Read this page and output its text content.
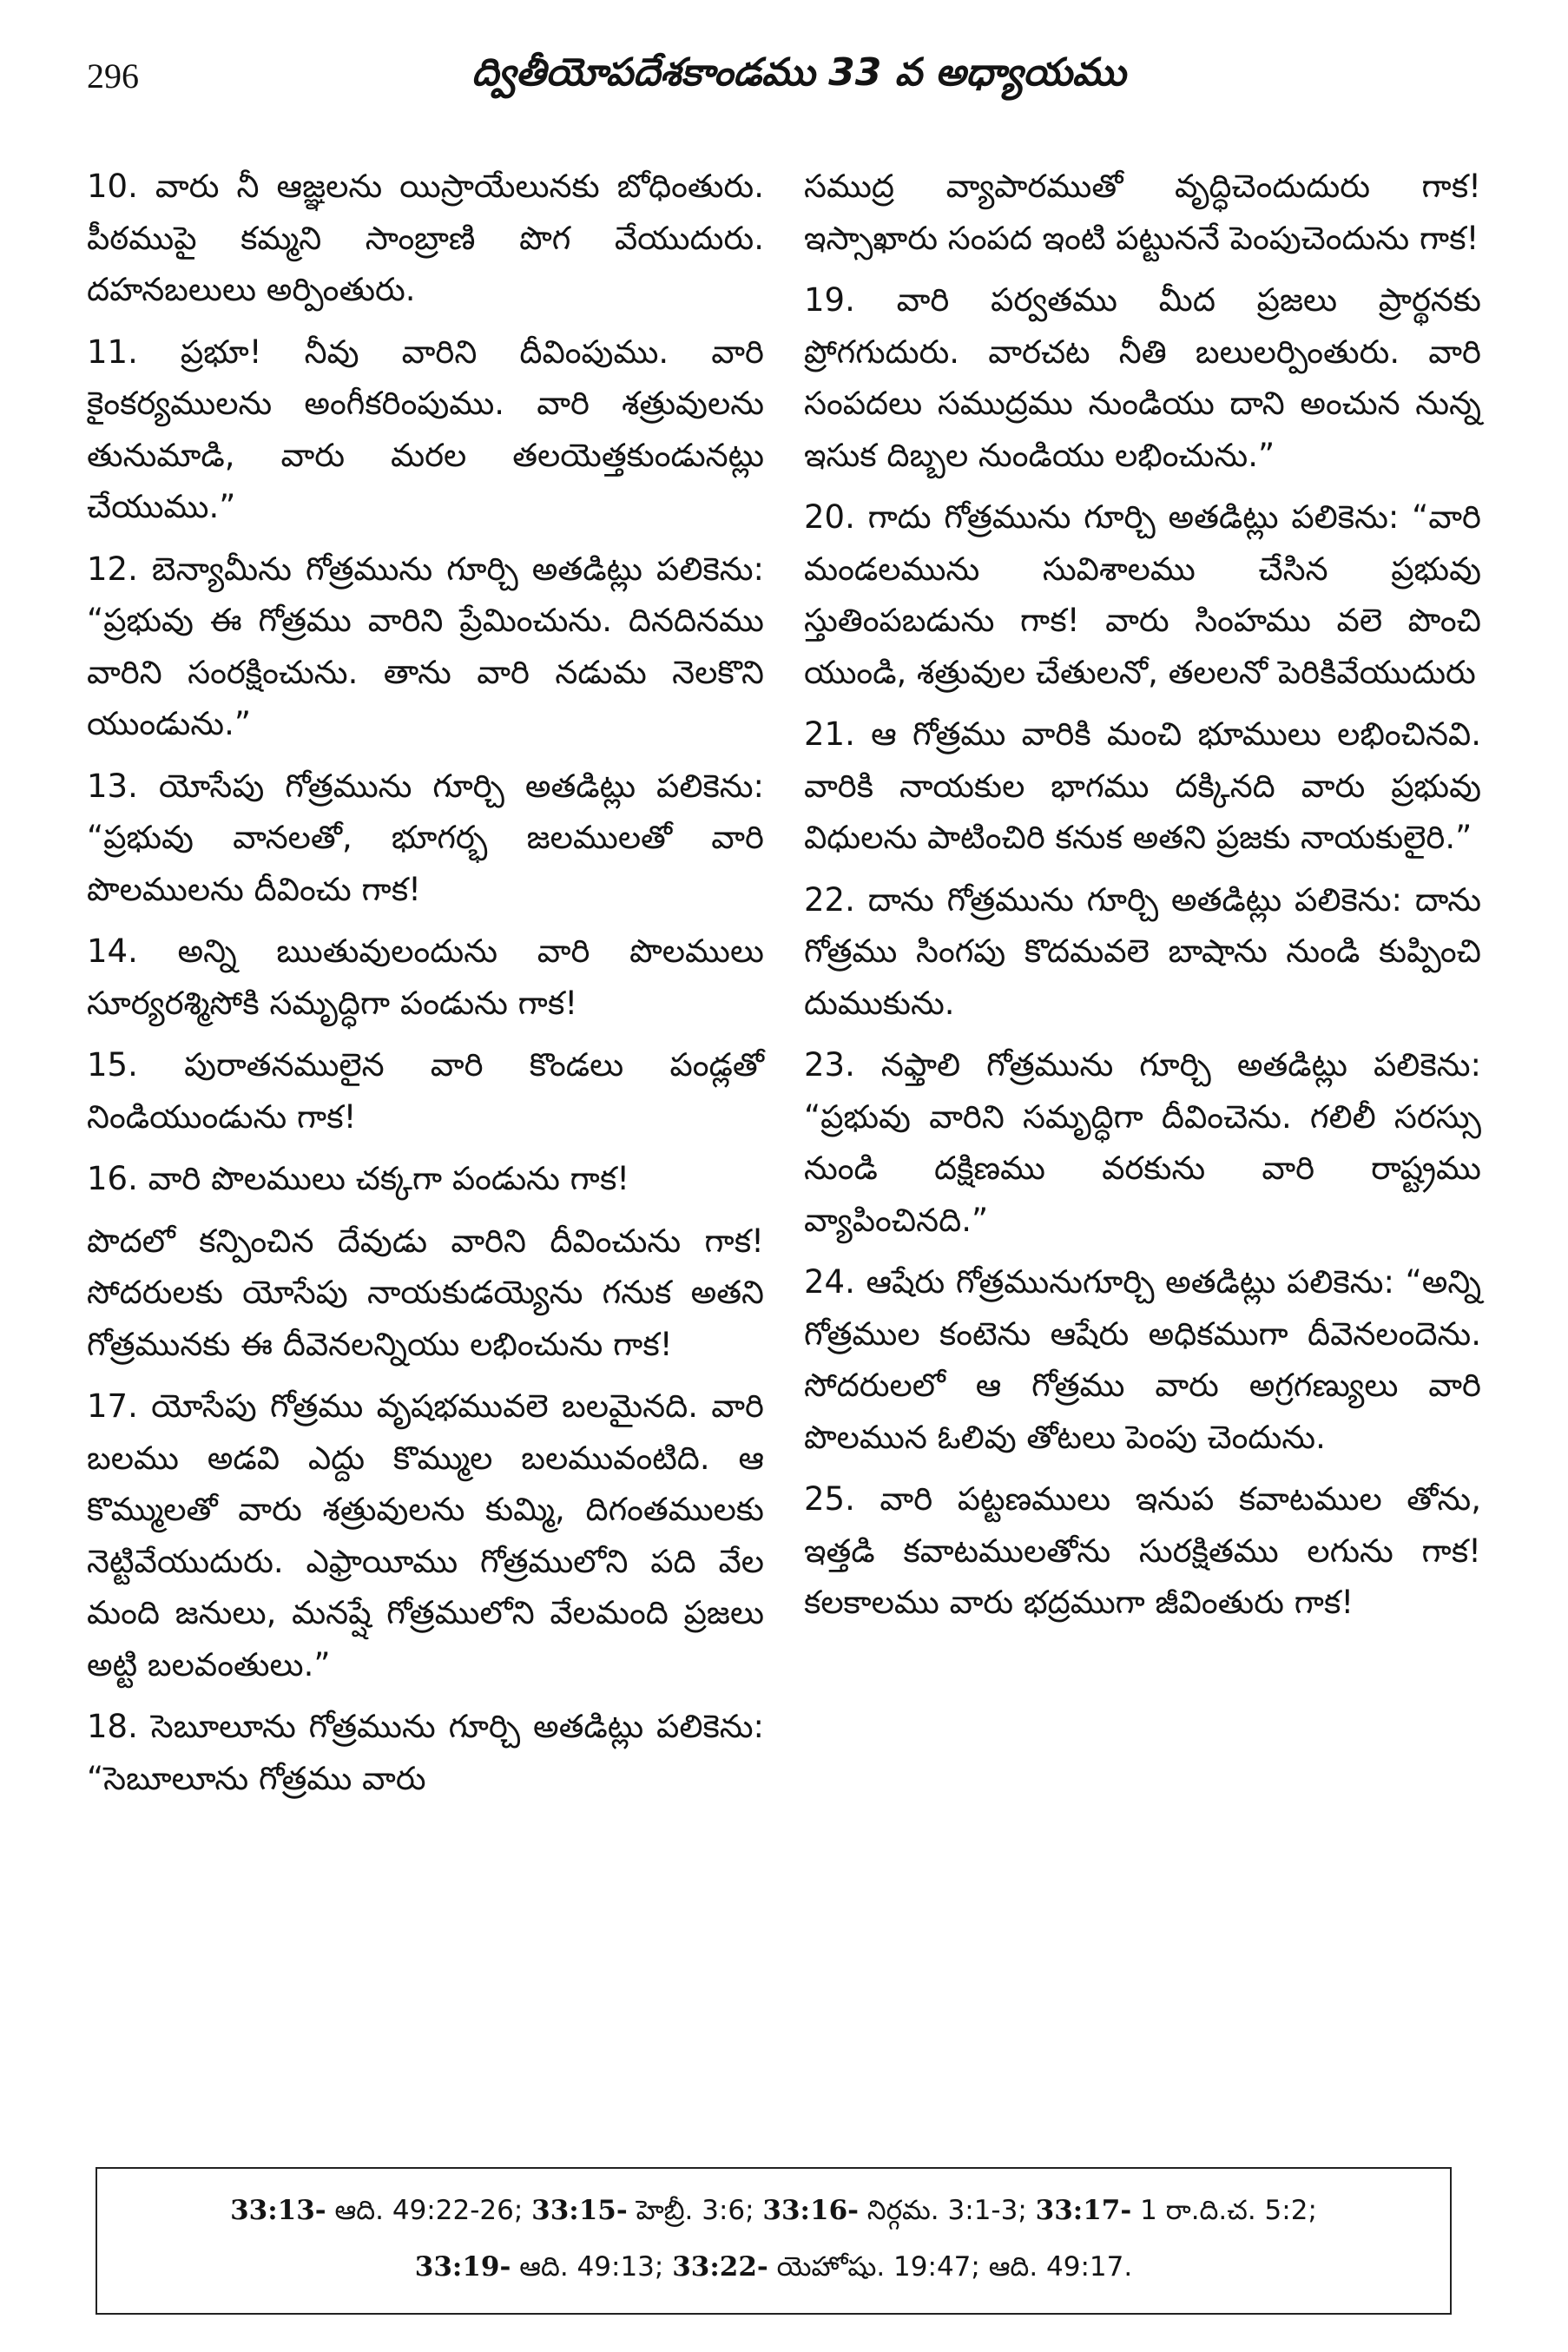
296	ద్వితీయోపదేశకాండము 33 వ అధ్యాయము

10. వారు నీ ఆజ్ఞలను యిస్రాయేలునకు బోధింతురు. పీఠముపై కమ్మని సాంబ్రాణి పొగ వేయుదురు. దహనబలులు అర్పింతురు.

11. ప్రభూ! నీవు వారిని దీవింపుము. వారి కైంకర్యములను అంగీకరింపుము. వారి శత్రువులను తునుమాడి, వారు మరల తలయెత్తకుండునట్లు చేయుము.”

12. బెన్యామీను గోత్రమును గూర్చి అతడిట్లు పలికెను: “ప్రభువు ఈ గోత్రము వారిని ప్రేమించును. దినదినము వారిని సంరక్షించును. తాను వారి నడుమ నెలకొని యుండును.”

13. యోసేపు గోత్రమును గూర్చి అతడిట్లు పలికెను: “ప్రభువు వానలతో, భూగర్భ జలములతో వారి పొలములను దీవించు గాక!

14. అన్ని ఋతువులందును వారి పొలములు సూర్యరశ్మిసోకి సమృద్ధిగా పండును గాక!

15. పురాతనములైన వారి కొండలు పండ్లతో నిండియుండును గాక!

16. వారి పొలములు చక్కగా పండును గాక!

పొదలో కన్పించిన దేవుడు వారిని దీవించును గాక! సోదరులకు యోసేపు నాయకుడయ్యెను గనుక అతని గోత్రమునకు ఈ దీవెనలన్నియు లభించును గాక!

17. యోసేపు గోత్రము వృషభమువలె బలమైనది. వారి బలము అడవి ఎద్దు కొమ్ముల బలమువంటిది. ఆ కొమ్ములతో వారు శత్రువులను కుమ్మి, దిగంతములకు నెట్టివేయుదురు. ఎఫ్రాయీము గోత్రములోని పది వేల మంది జనులు, మనష్షే గోత్రములోని వేలమంది ప్రజలు అట్టి బలవంతులు.”

18. సెబూలూను గోత్రమును గూర్చి అతడిట్లు పలికెను: “సెబూలూను గోత్రము వారు

సముద్ర వ్యాపారముతో వృద్ధిచెందుదురు గాక! ఇస్సాఖారు సంపద ఇంటి పట్టుననే పెంపుచెందును గాక!

19. వారి పర్వతము మీద ప్రజలు ప్రార్థనకు ప్రోగగుదురు. వారచట నీతి బలులర్పింతురు. వారి సంపదలు సముద్రము నుండియు దాని అంచున నున్న ఇసుక దిబ్బల నుండియు లభించును.”

20. గాదు గోత్రమును గూర్చి అతడిట్లు పలికెను: “వారి మండలమును సువిశాలము చేసిన ప్రభువు స్తుతింపబడును గాక! వారు సింహము వలె పొంచి యుండి, శత్రువుల చేతులనో, తలలనో పెరికివేయుదురు

21. ఆ గోత్రము వారికి మంచి భూములు లభించినవి. వారికి నాయకుల భాగము దక్కినది వారు ప్రభువు విధులను పాటించిరి కనుక అతని ప్రజకు నాయకులైరి.”

22. దాను గోత్రమును గూర్చి అతడిట్లు పలికెను: దాను గోత్రము సింగపు కొదమవలె బాషాను నుండి కుప్పించి దుముకును.

23. నఫ్తాలి గోత్రమును గూర్చి అతడిట్లు పలికెను: “ప్రభువు వారిని సమృద్ధిగా దీవించెను. గలిలీ సరస్సు నుండి దక్షిణము వరకును వారి రాష్ట్రము వ్యాపించినది.”

24. ఆషేరు గోత్రమునుగూర్చి అతడిట్లు పలికెను: “అన్ని గోత్రముల కంటెను ఆషేరు అధికముగా దీవెనలందెను. సోదరులలో ఆ గోత్రము వారు అగ్రగణ్యులు వారి పొలమున ఓలివు తోటలు పెంపు చెందును.

25. వారి పట్టణములు ఇనుప కవాటముల తోను, ఇత్తడి కవాటములతోను సురక్షితము లగును గాక! కలకాలము వారు భద్రముగా జీవింతురు గాక!

33:13- ఆది. 49:22-26; 33:15- హెబ్రీ. 3:6; 33:16- నిర్గమ. 3:1-3; 33:17- 1 రా.ది.చ. 5:2;
33:19- ఆది. 49:13; 33:22- యెహోషు. 19:47; ఆది. 49:17.
